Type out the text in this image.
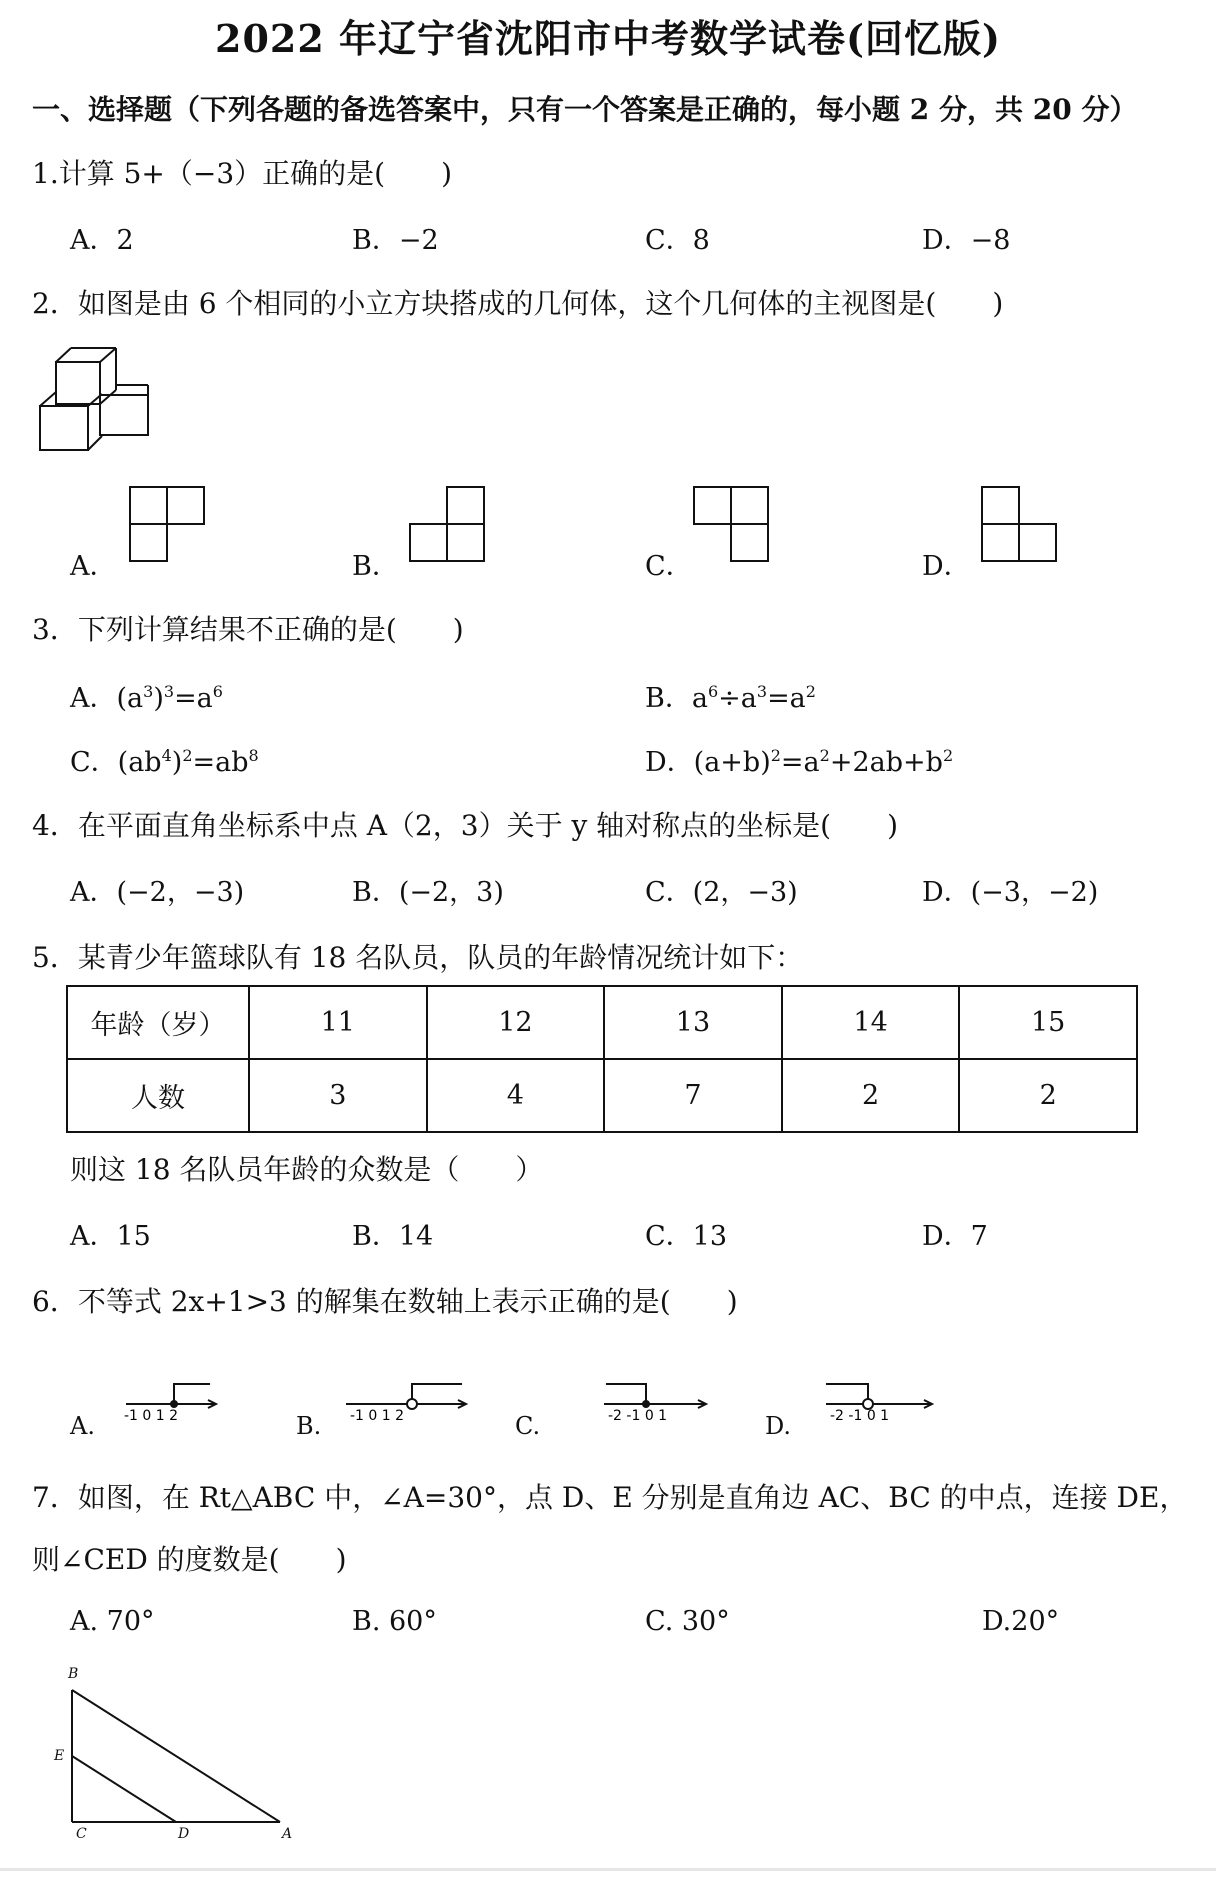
2022 年辽宁省沈阳市中考数学试卷(回忆版)
一、选择题（下列各题的备选答案中，只有一个答案是正确的，每小题 2 分，共 20 分）
1.计算 5+（−3）正确的是(　　)
A．2	B．−2	C．8	D．−8
2．如图是由 6 个相同的小立方块搭成的几何体，这个几何体的主视图是(　　)
A．	B．	C．	D．
3．下列计算结果不正确的是(　　)
A．$(a^3)^3=a^6$	B．$a^6\div a^3=a^2$
C．$(ab^4)^2=ab^8$	D．$(a+b)^2=a^2+2ab+b^2$
4．在平面直角坐标系中点 A（2，3）关于 y 轴对称点的坐标是(　　)
A．(−2，−3)	B．(−2，3)	C．(2，−3)	D．(−3，−2)
5．某青少年篮球队有 18 名队员，队员的年龄情况统计如下：
年龄（岁）	11	12	13	14	15
人数	3	4	7	2	2
则这 18 名队员年龄的众数是（　　）
A．15	B．14	C．13	D．7
6．不等式 2x+1>3 的解集在数轴上表示正确的是(　　)
A. -1 0 1 2	B. -1 0 1 2	C.	-2 -1 0 1	D.	-2 -1 0 1
7．如图，在 Rt△ABC 中，∠A=30°，点 D、E 分别是直角边 AC、BC 的中点，连接 DE，
则∠CED 的度数是(　　)
A. 70°	B. 60°	C. 30°	D.20°
B
E
C	D	A
